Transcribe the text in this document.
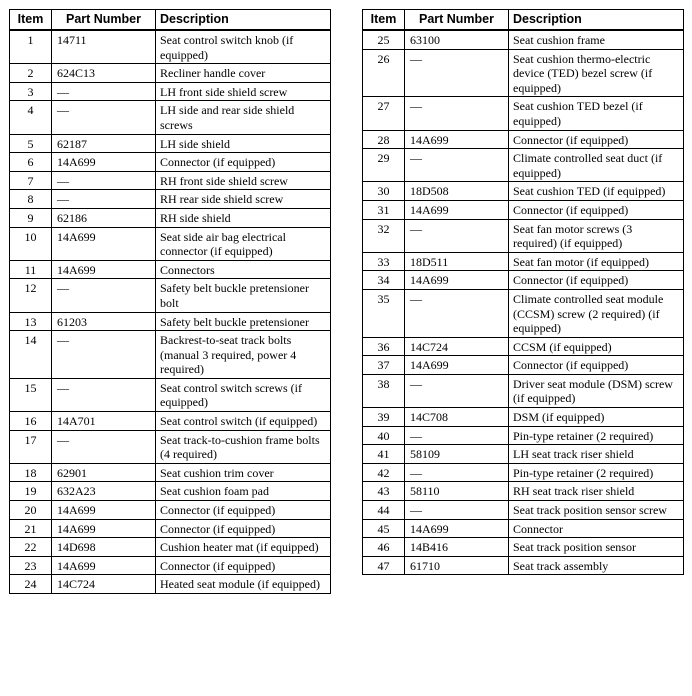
Item	Part Number	Description
1	14711	Seat control switch knob (if equipped)
2	624C13	Recliner handle cover
3	—	LH front side shield screw
4	—	LH side and rear side shield screws
5	62187	LH side shield
6	14A699	Connector (if equipped)
7	—	RH front side shield screw
8	—	RH rear side shield screw
9	62186	RH side shield
10	14A699	Seat side air bag electrical connector (if equipped)
11	14A699	Connectors
12	—	Safety belt buckle pretensioner bolt
13	61203	Safety belt buckle pretensioner
14	—	Backrest-to-seat track bolts (manual 3 required, power 4 required)
15	—	Seat control switch screws (if equipped)
16	14A701	Seat control switch (if equipped)
17	—	Seat track-to-cushion frame bolts (4 required)
18	62901	Seat cushion trim cover
19	632A23	Seat cushion foam pad
20	14A699	Connector (if equipped)
21	14A699	Connector (if equipped)
22	14D698	Cushion heater mat (if equipped)
23	14A699	Connector (if equipped)
24	14C724	Heated seat module (if equipped)
Item	Part Number	Description
25	63100	Seat cushion frame
26	—	Seat cushion thermo-electric device (TED) bezel screw (if equipped)
27	—	Seat cushion TED bezel (if equipped)
28	14A699	Connector (if equipped)
29	—	Climate controlled seat duct (if equipped)
30	18D508	Seat cushion TED (if equipped)
31	14A699	Connector (if equipped)
32	—	Seat fan motor screws (3 required) (if equipped)
33	18D511	Seat fan motor (if equipped)
34	14A699	Connector (if equipped)
35	—	Climate controlled seat module (CCSM) screw (2 required) (if equipped)
36	14C724	CCSM (if equipped)
37	14A699	Connector (if equipped)
38	—	Driver seat module (DSM) screw (if equipped)
39	14C708	DSM (if equipped)
40	—	Pin-type retainer (2 required)
41	58109	LH seat track riser shield
42	—	Pin-type retainer (2 required)
43	58110	RH seat track riser shield
44	—	Seat track position sensor screw
45	14A699	Connector
46	14B416	Seat track position sensor
47	61710	Seat track assembly
